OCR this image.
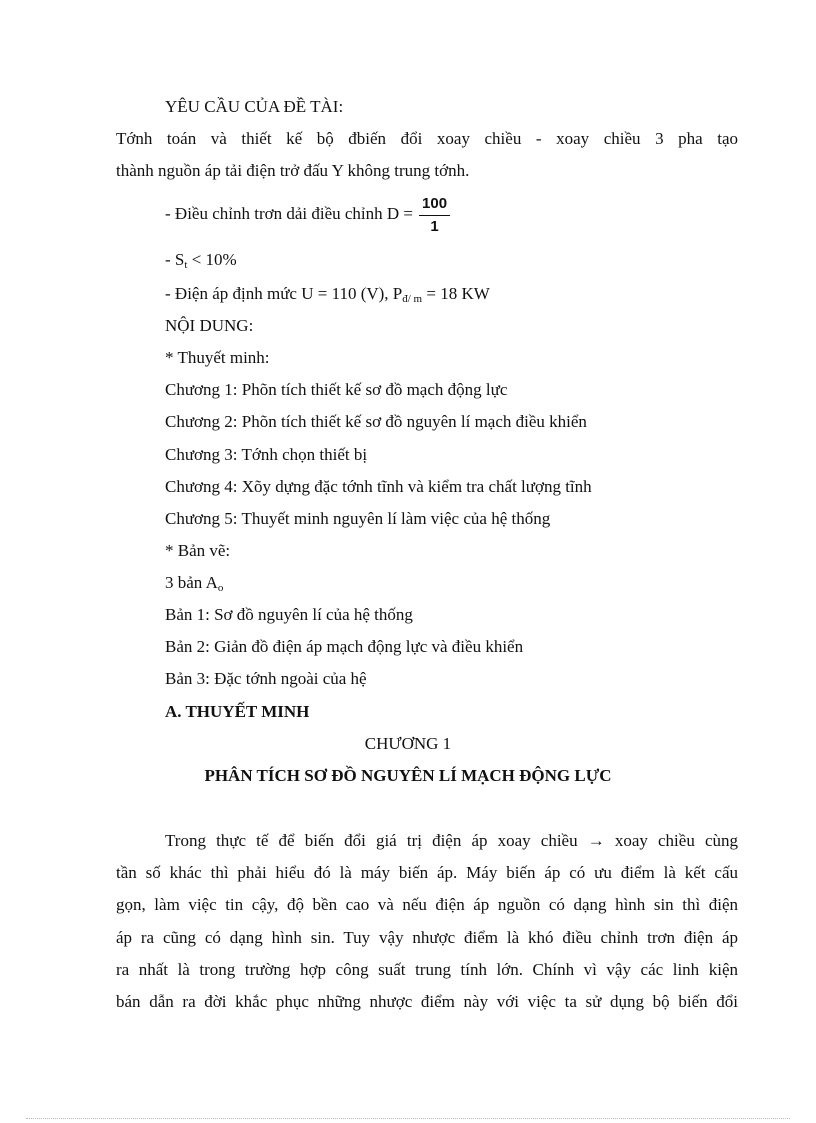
YÊU CẦU CỦA ĐỀ TÀI:
Tớnh toán và thiết kế bộ đbiến đổi xoay chiều - xoay chiều 3 pha tạo
thành nguồn áp tải điện trở đấu Y không trung tớnh.
- Điều chỉnh trơn dải điều chỉnh $D = \frac{100}{1}$
- $S_t < 10\%$
- Điện áp định mức U = 110 (V), $P_{đ/ m} = 18$ KW
NỘI DUNG:
* Thuyết minh:
Chương 1: Phõn tích thiết kế sơ đồ mạch động lực
Chương 2: Phõn tích thiết kế sơ đồ nguyên lí mạch điều khiển
Chương 3: Tớnh chọn thiết bị
Chương 4: Xõy dựng đặc tớnh tĩnh và kiểm tra chất lượng tĩnh
Chương 5: Thuyết minh nguyên lí làm việc của hệ thống
* Bản vẽ:
3 bản $A_o$
Bản 1: Sơ đồ nguyên lí của hệ thống
Bản 2: Giản đồ điện áp mạch động lực và điều khiển
Bản 3: Đặc tớnh ngoài của hệ
A. THUYẾT MINH
CHƯƠNG 1
PHÂN TÍCH SƠ ĐỒ NGUYÊN LÍ MẠCH ĐỘNG LỰC
Trong thực tế để biến đổi giá trị điện áp xoay chiều → xoay chiều cùng
tần số khác thì phải hiểu đó là máy biến áp. Máy biến áp có ưu điểm là kết cấu
gọn, làm việc tin cậy, độ bền cao và nếu điện áp nguồn có dạng hình sin thì điện
áp ra cũng có dạng hình sin. Tuy vậy nhược điểm là khó điều chỉnh trơn điện áp
ra nhất là trong trường hợp công suất trung tính lớn. Chính vì vậy các linh kiện
bán dẫn ra đời khắc phục những nhược điểm này với việc ta sử dụng bộ biến đổi
